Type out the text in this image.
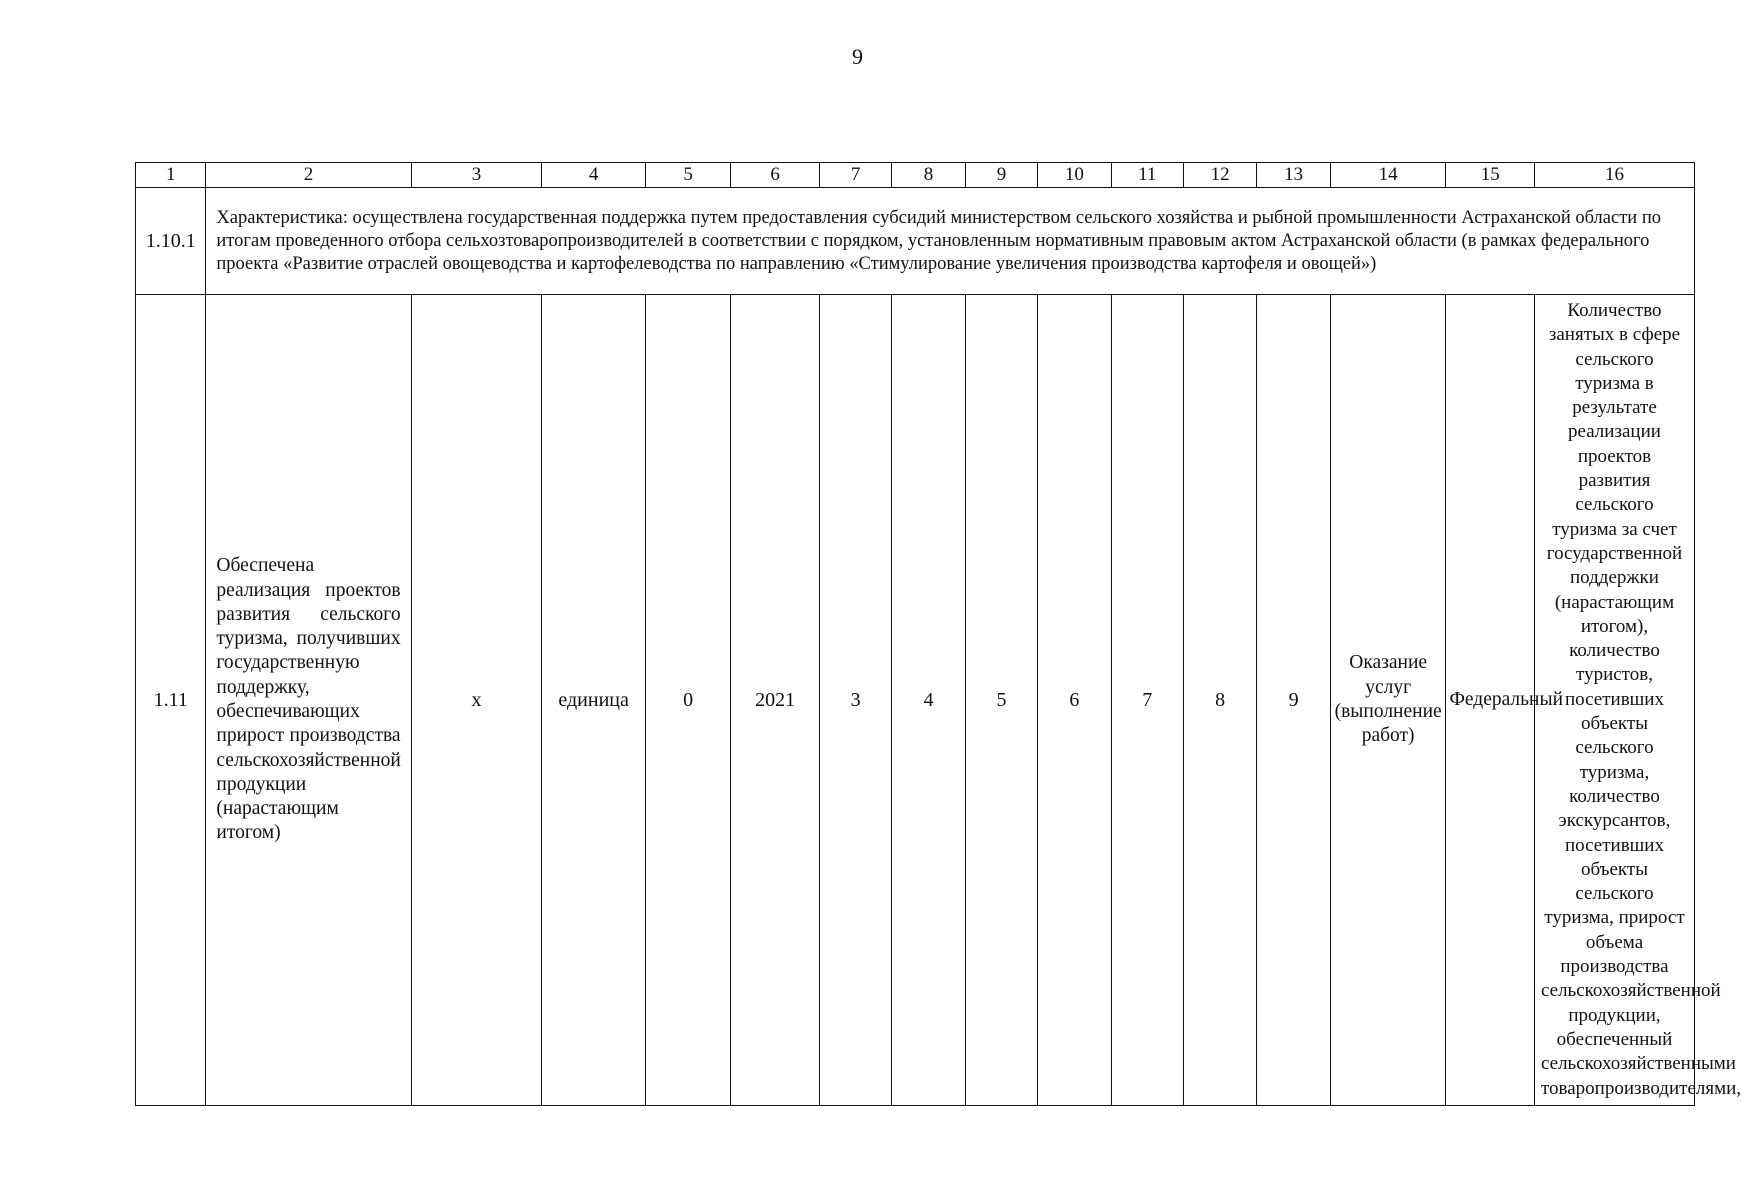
9
1	2	3	4	5	6	7	8	9	10	11	12	13	14	15	16
1.10.1	Характеристика: осуществлена государственная поддержка путем предоставления субсидий министерством сельского хозяйства и рыбной промышленности Астраханской области по итогам проведенного отбора сельхозтоваропроизводителей в соответствии с порядком, установленным нормативным правовым актом Астраханской области (в рамках федерального проекта «Развитие отраслей овощеводства и картофелеводства по направлению «Стимулирование увеличения производства картофеля и овощей»)														
1.11	Обеспечена реализация проектов развития сельского туризма, получивших государственную поддержку, обеспечивающих прирост производства сельскохозяйственной продукции (нарастающим итогом)	х	единица	0	2021	3	4	5	6	7	8	9	Оказание услуг (выполнение работ)	Федеральный	Количество занятых в сфере сельского туризма в результате реализации проектов развития сельского туризма за счет государственной поддержки (нарастающим итогом), количество туристов, посетивших объекты сельского туризма, количество экскурсантов, посетивших объекты сельского туризма, прирост объема производства сельскохозяйственной продукции, обеспеченный сельскохозяйственными товаропроизводителями,
